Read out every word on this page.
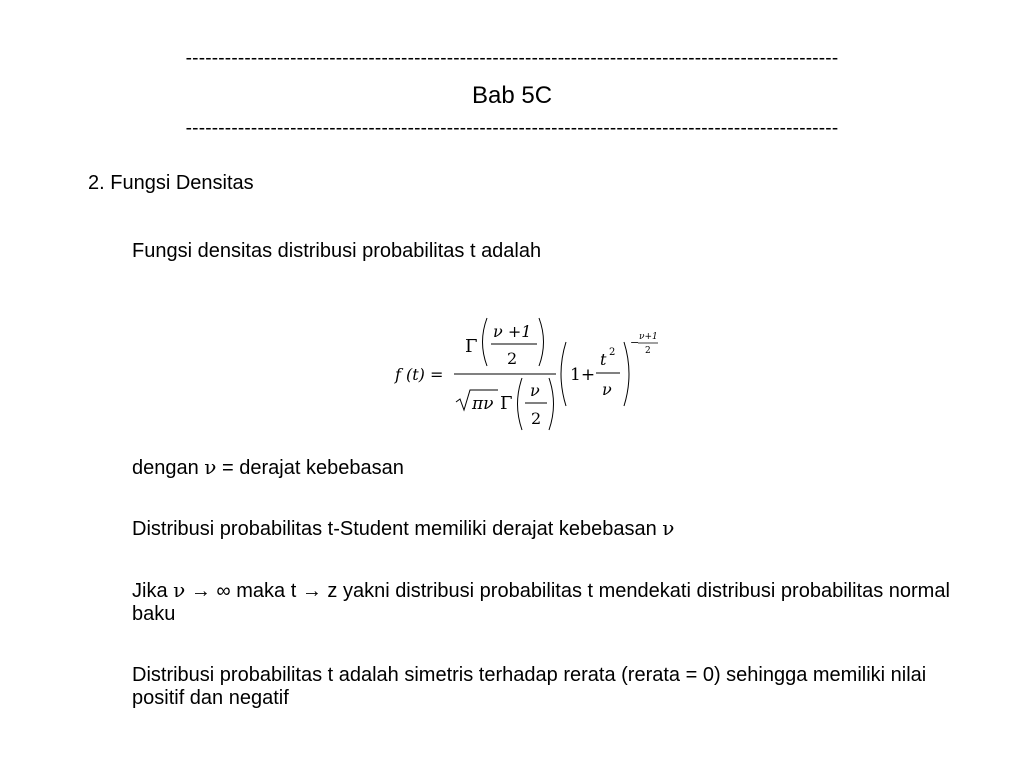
----------------------------------------------------------------------------------------------------
Bab 5C
----------------------------------------------------------------------------------------------------
2. Fungsi Densitas
Fungsi densitas distribusi probabilitas t adalah
f (t) =
Γ
ν +1
2
πν Γ
ν
2
1+
t 2
ν
− ν+1
2
dengan ν = derajat kebebasan
Distribusi probabilitas t-Student memiliki derajat kebebasan ν
Jika ν → ∞ maka t → z yakni distribusi probabilitas t mendekati distribusi probabilitas normal baku
Distribusi probabilitas t adalah simetris terhadap rerata (rerata = 0) sehingga memiliki nilai positif dan negatif
